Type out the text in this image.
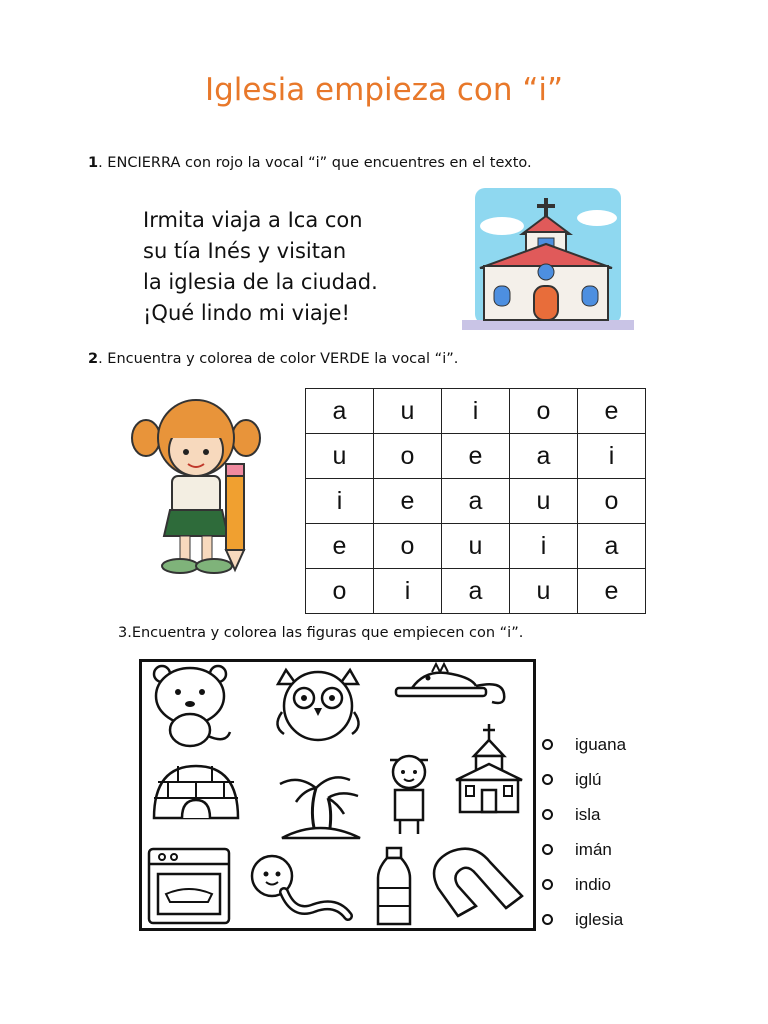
Iglesia empieza con “i”
1. ENCIERRA con rojo la vocal “i” que encuentres en el texto.
Irmita viaja a Ica con
su tía Inés y visitan
la iglesia de la ciudad.
¡Qué lindo mi viaje!
2. Encuentra y colorea de color VERDE la vocal “i”.
a	u	i	o	e
u	o	e	a	i
i	e	a	u	o
e	o	u	i	a
o	i	a	u	e
3.Encuentra y colorea las figuras que empiecen con “i”.
iguana
iglú
isla
imán
indio
iglesia
